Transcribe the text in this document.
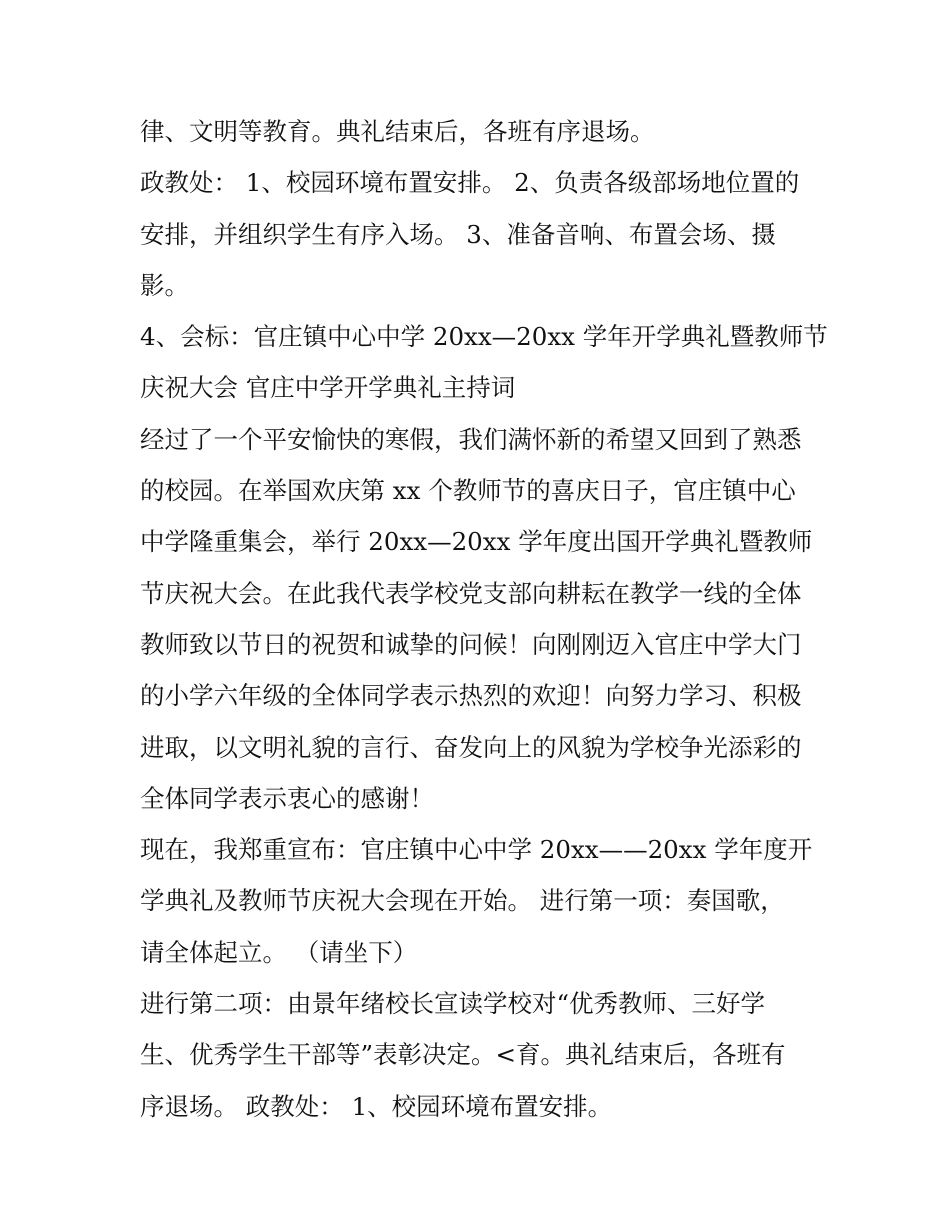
律、文明等教育。典礼结束后，各班有序退场。
政教处： 1、校园环境布置安排。 2、负责各级部场地位置的
安排，并组织学生有序入场。 3、准备音响、布置会场、摄
影。
4、会标：官庄镇中心中学 20xx—20xx 学年开学典礼暨教师节
庆祝大会 官庄中学开学典礼主持词
经过了一个平安愉快的寒假，我们满怀新的希望又回到了熟悉
的校园。在举国欢庆第 xx 个教师节的喜庆日子，官庄镇中心
中学隆重集会，举行 20xx—20xx 学年度出国开学典礼暨教师
节庆祝大会。在此我代表学校党支部向耕耘在教学一线的全体
教师致以节日的祝贺和诚挚的问候！向刚刚迈入官庄中学大门
的小学六年级的全体同学表示热烈的欢迎！向努力学习、积极
进取，以文明礼貌的言行、奋发向上的风貌为学校争光添彩的
全体同学表示衷心的感谢！
现在，我郑重宣布：官庄镇中心中学 20xx——20xx 学年度开
学典礼及教师节庆祝大会现在开始。 进行第一项：奏国歌，
请全体起立。 （请坐下）
进行第二项：由景年绪校长宣读学校对“优秀教师、三好学
生、优秀学生干部等”表彰决定。<育。典礼结束后，各班有
序退场。 政教处： 1、校园环境布置安排。
